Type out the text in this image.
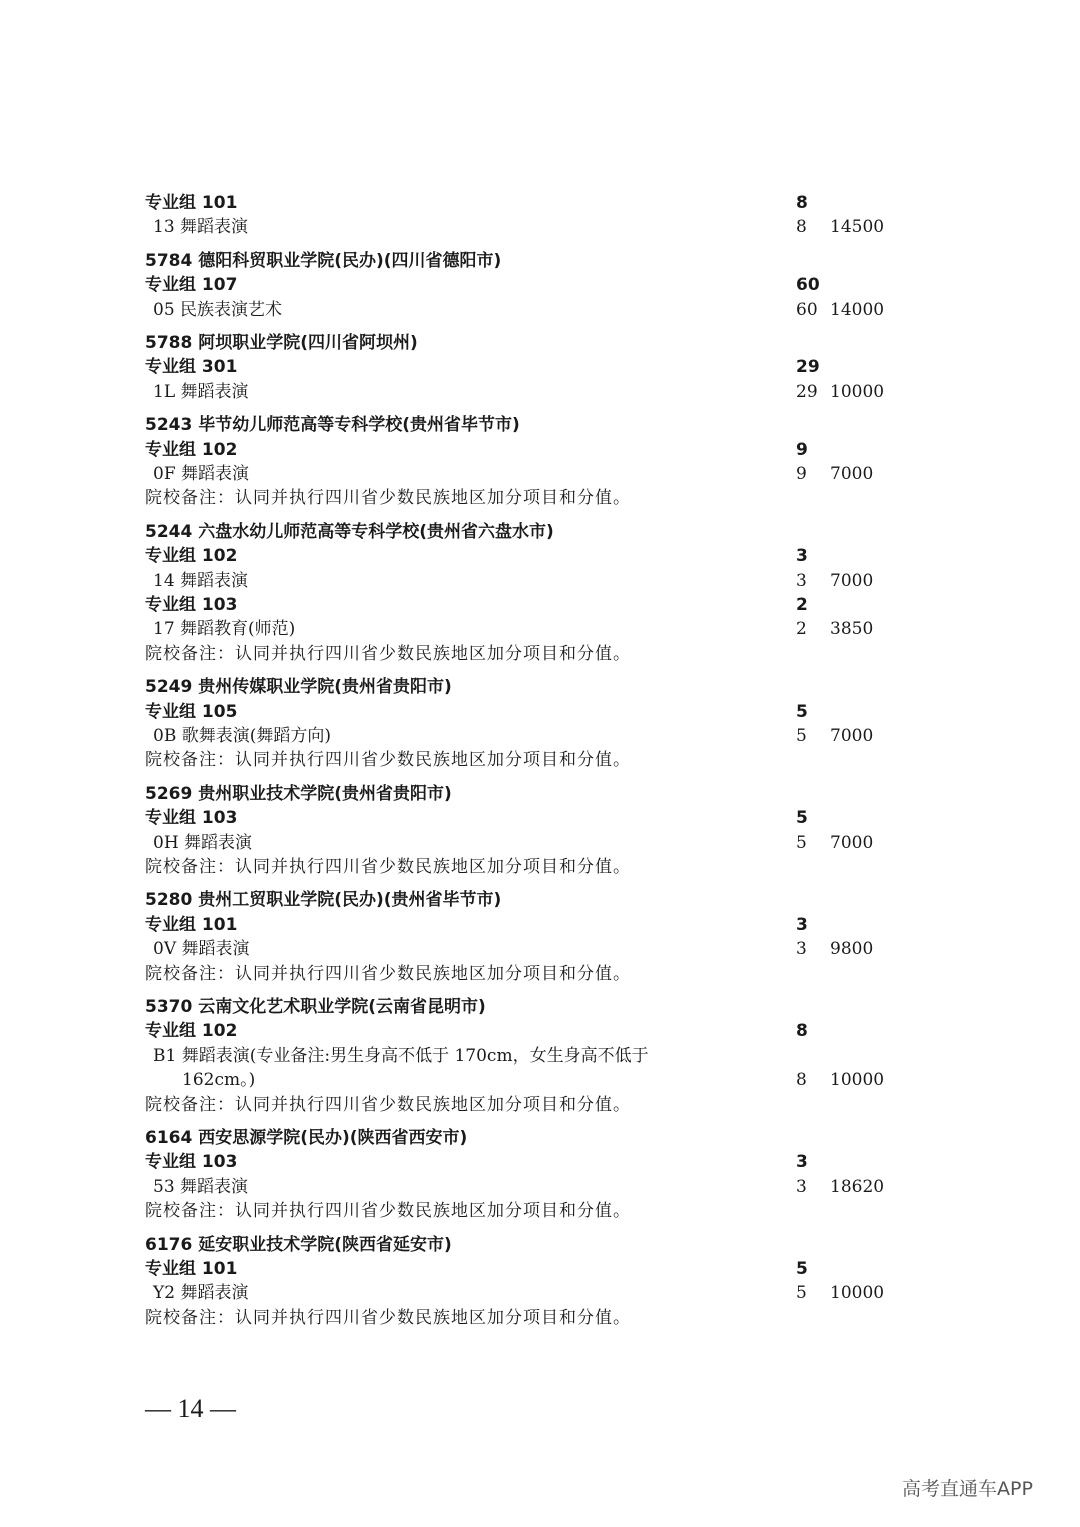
专业组 101	8
13 舞蹈表演	8 14500
5784 德阳科贸职业学院(民办)(四川省德阳市)
专业组 107	60
05 民族表演艺术	60 14000
5788 阿坝职业学院(四川省阿坝州)
专业组 301	29
1L 舞蹈表演	29 10000
5243 毕节幼儿师范高等专科学校(贵州省毕节市)
专业组 102	9
0F 舞蹈表演	9 7000
院校备注：认同并执行四川省少数民族地区加分项目和分值。
5244 六盘水幼儿师范高等专科学校(贵州省六盘水市)
专业组 102	3
14 舞蹈表演	3 7000
专业组 103	2
17 舞蹈教育(师范)	2 3850
院校备注：认同并执行四川省少数民族地区加分项目和分值。
5249 贵州传媒职业学院(贵州省贵阳市)
专业组 105	5
0B 歌舞表演(舞蹈方向)	5 7000
院校备注：认同并执行四川省少数民族地区加分项目和分值。
5269 贵州职业技术学院(贵州省贵阳市)
专业组 103	5
0H 舞蹈表演	5 7000
院校备注：认同并执行四川省少数民族地区加分项目和分值。
5280 贵州工贸职业学院(民办)(贵州省毕节市)
专业组 101	3
0V 舞蹈表演	3 9800
院校备注：认同并执行四川省少数民族地区加分项目和分值。
5370 云南文化艺术职业学院(云南省昆明市)
专业组 102	8
B1 舞蹈表演(专业备注:男生身高不低于 170cm，女生身高不低于
162cm。)	8 10000
院校备注：认同并执行四川省少数民族地区加分项目和分值。
6164 西安思源学院(民办)(陕西省西安市)
专业组 103	3
53 舞蹈表演	3 18620
院校备注：认同并执行四川省少数民族地区加分项目和分值。
6176 延安职业技术学院(陕西省延安市)
专业组 101	5
Y2 舞蹈表演	5 10000
院校备注：认同并执行四川省少数民族地区加分项目和分值。
— 14 —
高考直通车APP
